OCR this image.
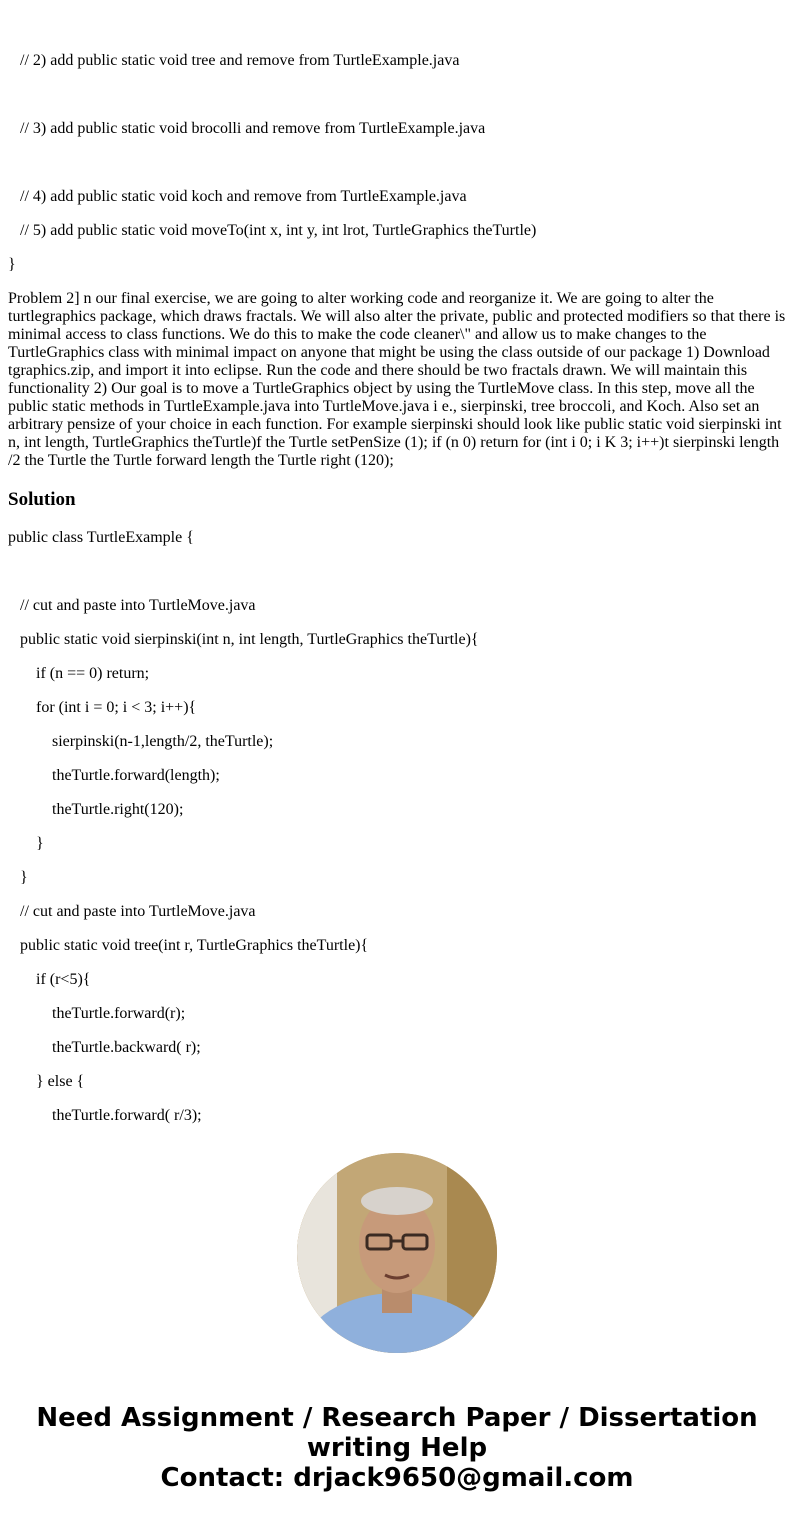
// 2) add public static void tree and remove from TurtleExample.java
// 3) add public static void brocolli and remove from TurtleExample.java
// 4) add public static void koch and remove from TurtleExample.java
// 5) add public static void moveTo(int x, int y, int lrot, TurtleGraphics theTurtle)
}
Problem 2] n our final exercise, we are going to alter working code and reorganize it. We are going to alter the turtlegraphics package, which draws fractals. We will also alter the private, public and protected modifiers so that there is minimal access to class functions. We do this to make the code cleaner\" and allow us to make changes to the TurtleGraphics class with minimal impact on anyone that might be using the class outside of our package 1) Download tgraphics.zip, and import it into eclipse. Run the code and there should be two fractals drawn. We will maintain this functionality 2) Our goal is to move a TurtleGraphics object by using the TurtleMove class. In this step, move all the public static methods in TurtleExample.java into TurtleMove.java i e., sierpinski, tree broccoli, and Koch. Also set an arbitrary pensize of your choice in each function. For example sierpinski should look like public static void sierpinski int n, int length, TurtleGraphics theTurtle)f the Turtle setPenSize (1); if (n 0) return for (int i 0; i K 3; i++)t sierpinski length /2 the Turtle the Turtle forward length the Turtle right (120);
Solution
public class TurtleExample {
// cut and paste into TurtleMove.java
public static void sierpinski(int n, int length, TurtleGraphics theTurtle){
if (n == 0) return;
for (int i = 0; i < 3; i++){
sierpinski(n-1,length/2, theTurtle);
theTurtle.forward(length);
theTurtle.right(120);
}
}
// cut and paste into TurtleMove.java
public static void tree(int r, TurtleGraphics theTurtle){
if (r<5){
theTurtle.forward(r);
theTurtle.backward( r);
} else {
theTurtle.forward( r/3);
Need Assignment / Research Paper / Dissertation
writing Help
Contact: drjack9650@gmail.com
